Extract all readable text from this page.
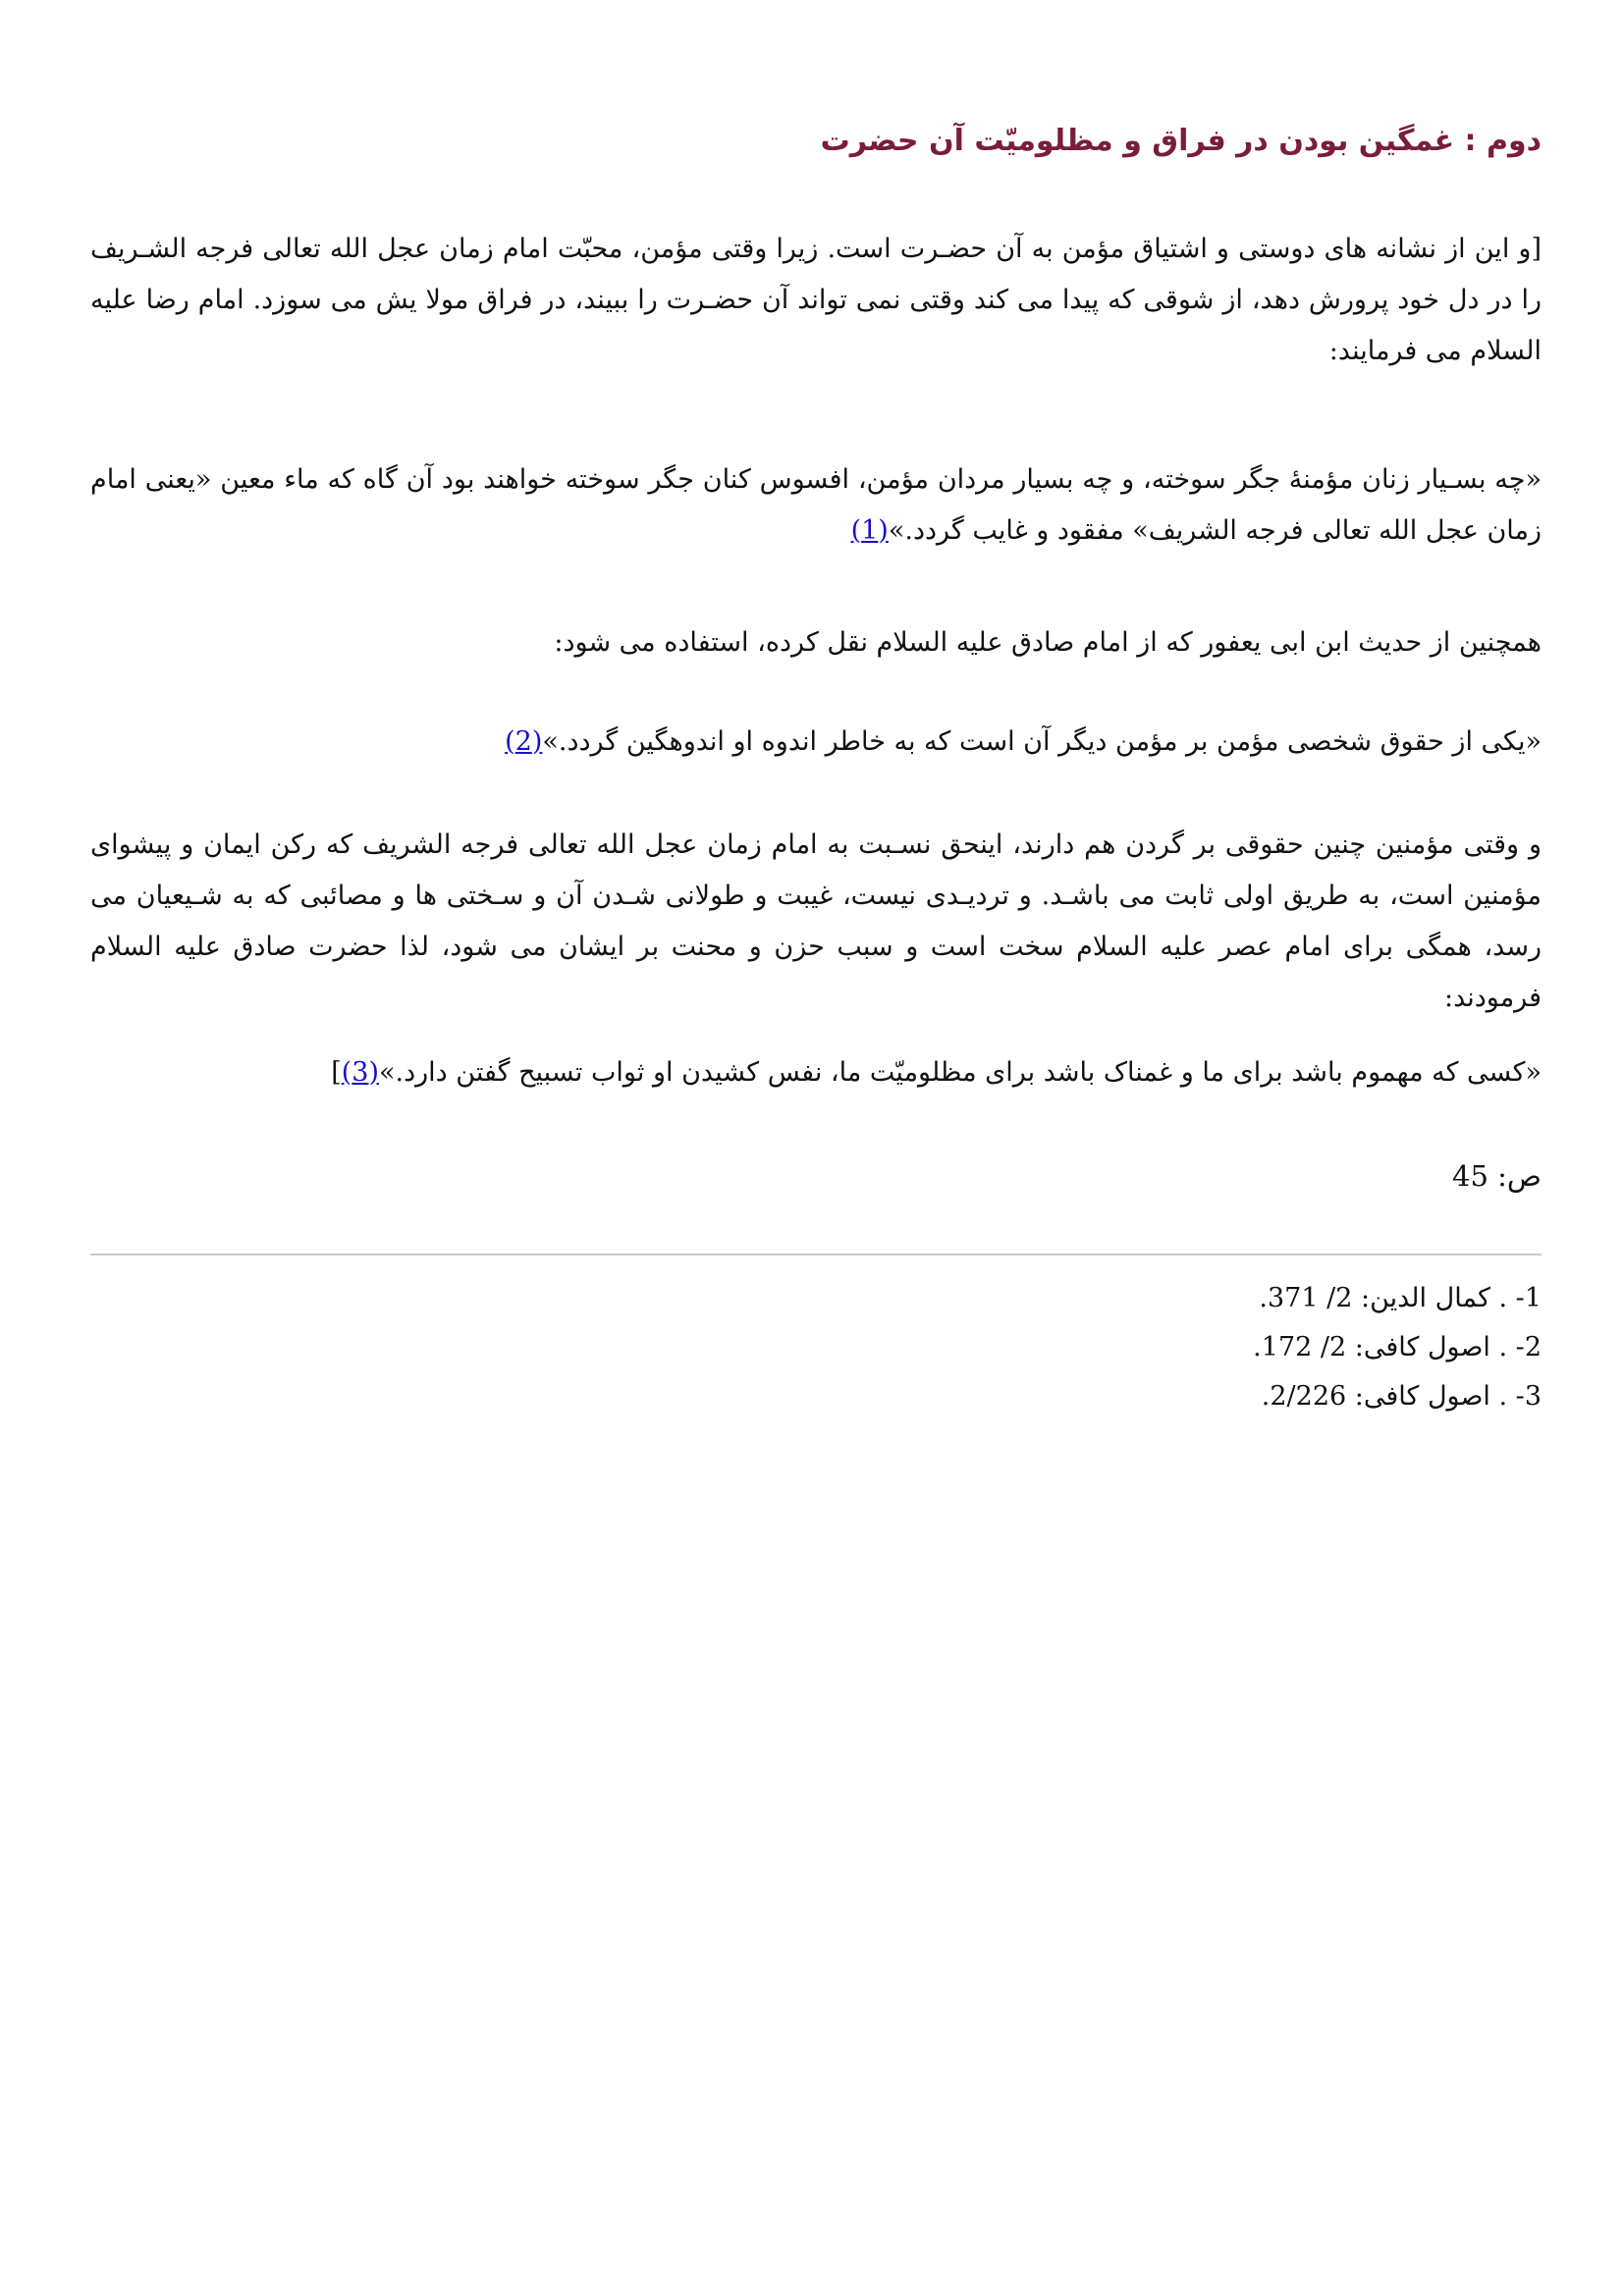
دوم : غمگین بودن در فراق و مظلومیّت آن حضرت

[و این از نشانه های دوستی و اشتیاق مؤمن به آن حضـرت است. زیرا وقتی مؤمن، محبّت امام زمان عجل الله تعالی فرجه الشـریف را در دل خود پرورش دهد، از شوقی که پیدا می کند وقتی نمی تواند آن حضـرت را ببیند، در فراق مولا یش می سوزد. امام رضا علیه السلام می فرمایند:

«چه بسـیار زنان مؤمنهٔ جگر سوخته، و چه بسیار مردان مؤمن، افسوس کنان جگر سوخته خواهند بود آن گاه که ماء معین «یعنی امام زمان عجل الله تعالی فرجه الشریف» مفقود و غایب گردد.»(1)

همچنین از حدیث ابن ابی یعفور که از امام صادق علیه السلام نقل کرده، استفاده می شود:

«یکی از حقوق شخصی مؤمن بر مؤمن دیگر آن است که به خاطر اندوه او اندوهگین گردد.»(2)

و وقتی مؤمنین چنین حقوقی بر گردن هم دارند، اینحق نسـبت به امام زمان عجل الله تعالی فرجه الشریف که رکن ایمان و پیشوای مؤمنین است، به طریق اولی ثابت می باشـد. و تردیـدی نیست، غیبت و طولانی شـدن آن و سـختی ها و مصائبی که به شـیعیان می رسد، همگی برای امام عصر علیه السلام سخت است و سبب حزن و محنت بر ایشان می شود، لذا حضرت صادق علیه السلام فرمودند:

«کسی که مهموم باشد برای ما و غمناک باشد برای مظلومیّت ما، نفس کشیدن او ثواب تسبیح گفتن دارد.»(3)]

ص: 45

1- . کمال الدین: 2/ 371.
2- . اصول کافی: 2/ 172.
3- . اصول کافی: 2/226.
